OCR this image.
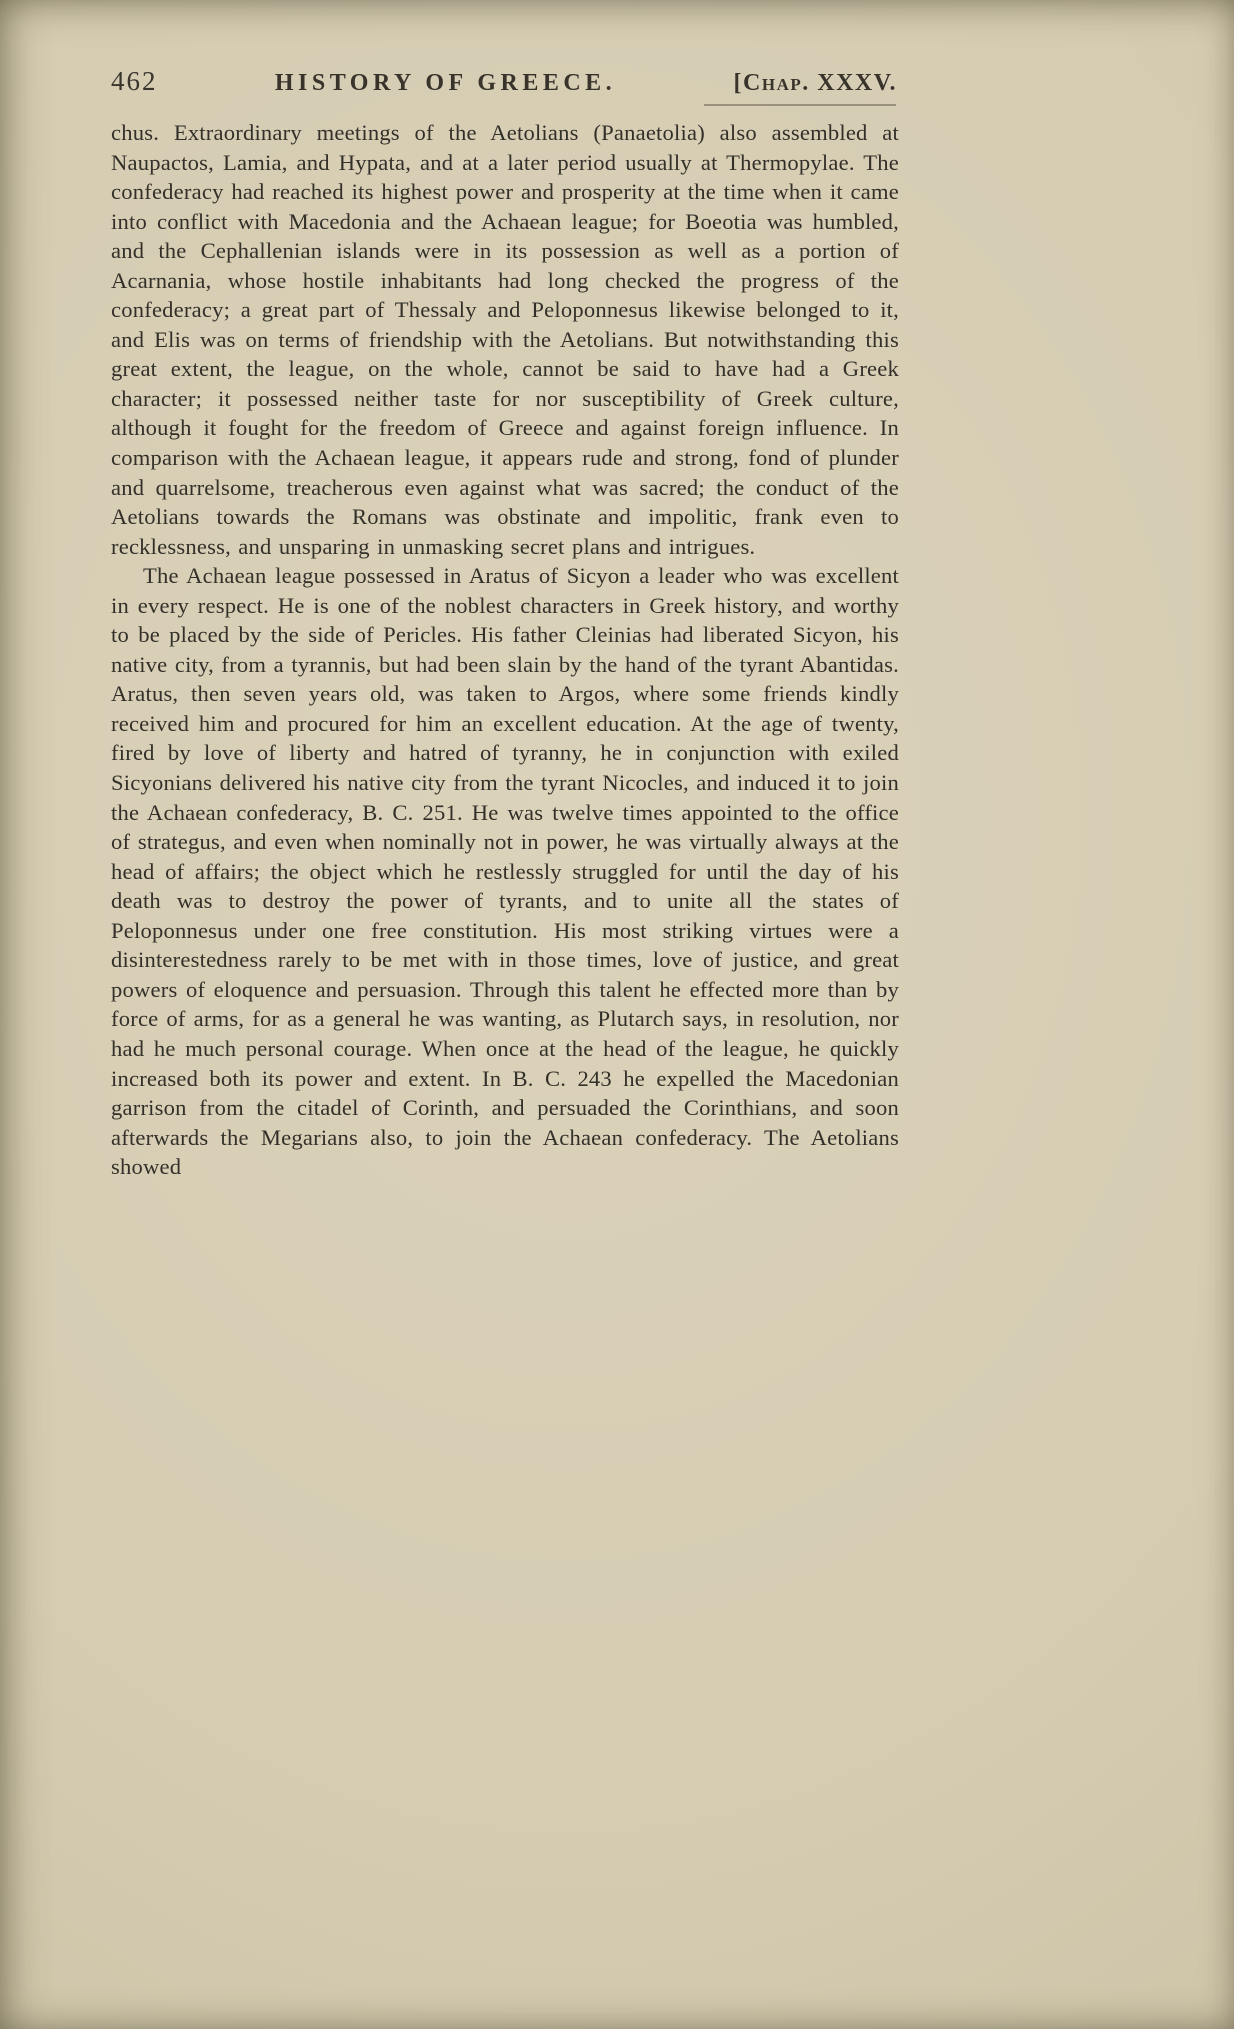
462	HISTORY OF GREECE.	[Chap. XXXV.

chus. Extraordinary meetings of the Aetolians (Panaetolia) also assembled at Naupactos, Lamia, and Hypata, and at a later period usually at Thermopylae. The confederacy had reached its highest power and prosperity at the time when it came into conflict with Macedonia and the Achaean league; for Boeotia was humbled, and the Cephallenian islands were in its possession as well as a portion of Acarnania, whose hostile inhabitants had long checked the progress of the confederacy; a great part of Thessaly and Peloponnesus likewise belonged to it, and Elis was on terms of friendship with the Aetolians. But notwithstanding this great extent, the league, on the whole, cannot be said to have had a Greek character; it possessed neither taste for nor susceptibility of Greek culture, although it fought for the freedom of Greece and against foreign influence. In comparison with the Achaean league, it appears rude and strong, fond of plunder and quarrelsome, treacherous even against what was sacred; the conduct of the Aetolians towards the Romans was obstinate and impolitic, frank even to recklessness, and unsparing in unmasking secret plans and intrigues.

The Achaean league possessed in Aratus of Sicyon a leader who was excellent in every respect. He is one of the noblest characters in Greek history, and worthy to be placed by the side of Pericles. His father Cleinias had liberated Sicyon, his native city, from a tyrannis, but had been slain by the hand of the tyrant Abantidas. Aratus, then seven years old, was taken to Argos, where some friends kindly received him and procured for him an excellent education. At the age of twenty, fired by love of liberty and hatred of tyranny, he in conjunction with exiled Sicyonians delivered his native city from the tyrant Nicocles, and induced it to join the Achaean confederacy, B. C. 251. He was twelve times appointed to the office of strategus, and even when nominally not in power, he was virtually always at the head of affairs; the object which he restlessly struggled for until the day of his death was to destroy the power of tyrants, and to unite all the states of Peloponnesus under one free constitution. His most striking virtues were a disinterestedness rarely to be met with in those times, love of justice, and great powers of eloquence and persuasion. Through this talent he effected more than by force of arms, for as a general he was wanting, as Plutarch says, in resolution, nor had he much personal courage. When once at the head of the league, he quickly increased both its power and extent. In B. C. 243 he expelled the Macedonian garrison from the citadel of Corinth, and persuaded the Corinthians, and soon afterwards the Megarians also, to join the Achaean confederacy. The Aetolians showed
